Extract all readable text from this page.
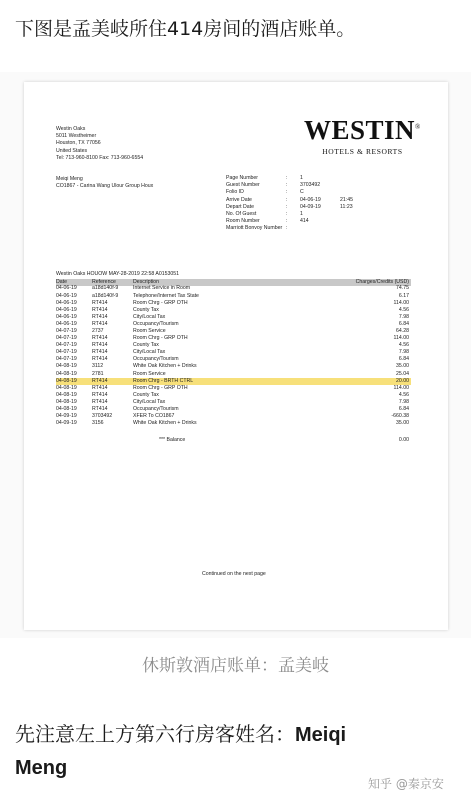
下图是孟美岐所住414房间的酒店账单。
Westin Oaks
5011 Westheimer
Houston, TX 77056
United States
Tel: 713-960-8100 Fax: 713-960-6554
WESTIN®
HOTELS & RESORTS
Meiqi Meng
CO1867 - Carina Wang Ulour Group Houx
Page Number	:	1
Guest Number	:	3703492
Folio ID	:	C
Arrive Date	:	04-06-19	21:45
Depart Date	:	04-09-19	11:23
No. Of Guest	:	1
Room Number	:	414
Marriott Bonvoy Number :
Westin Oaks HOUOW MAY-28-2019 22:58 A0153051
Date	Reference	Description	Charges/Credits (USD)
04-06-19	a18d140f-9	Internet Service in Room	74.75
04-06-19	a18d140f-9	Telephone/Internet Tax State	6.17
04-06-19	RT414	Room Chrg - GRP OTH	114.00
04-06-19	RT414	County Tax	4.56
04-06-19	RT414	City/Local Tax	7.98
04-06-19	RT414	Occupancy/Tourism	6.84
04-07-19	2737	Room Service	64.28
04-07-19	RT414	Room Chrg - GRP OTH	114.00
04-07-19	RT414	County Tax	4.56
04-07-19	RT414	City/Local Tax	7.98
04-07-19	RT414	Occupancy/Tourism	6.84
04-08-19	3112	White Oak Kitchen + Drinks	35.00
04-08-19	2781	Room Service	25.04
04-08-19	RT414	Room Chrg - BRTH CTRL	20.00
04-08-19	RT414	Room Chrg - GRP OTH	114.00
04-08-19	RT414	County Tax	4.56
04-08-19	RT414	City/Local Tax	7.98
04-08-19	RT414	Occupancy/Tourism	6.84
04-09-19	3703492	XFER To CO1867	-660.38
04-09-19	3156	White Oak Kitchen + Drinks	35.00
*** Balance	0.00
Continued on the next page
休斯敦酒店账单：孟美岐
先注意左上方第六行房客姓名：Meiqi
Meng
知乎 @秦京安
